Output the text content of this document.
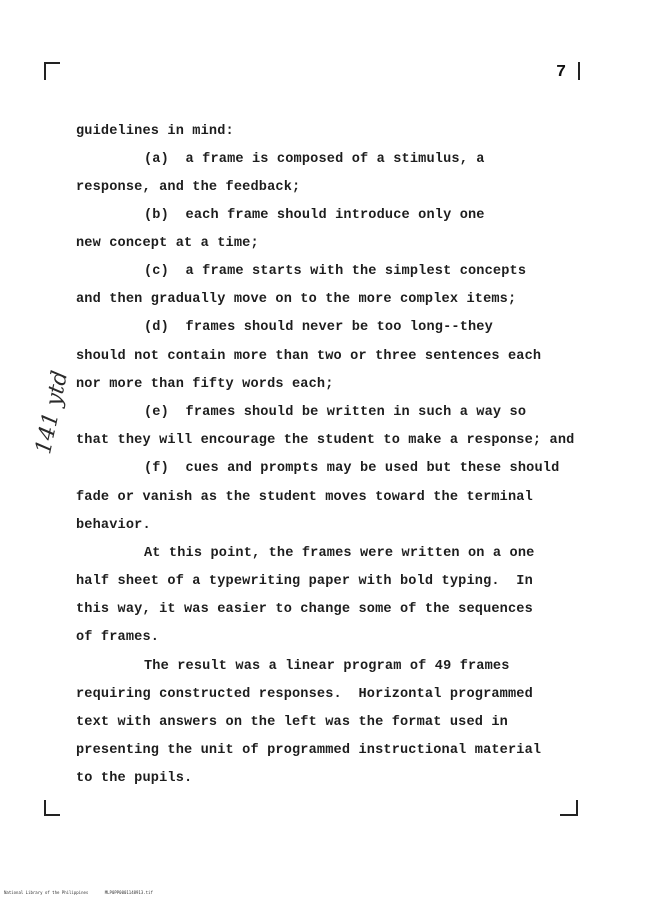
7
guidelines in mind:
(a)  a frame is composed of a stimulus, a
response, and the feedback;
(b)  each frame should introduce only one
new concept at a time;
(c)  a frame starts with the simplest concepts
and then gradually move on to the more complex items;
(d)  frames should never be too long--they
should not contain more than two or three sentences each
nor more than fifty words each;
(e)  frames should be written in such a way so
that they will encourage the student to make a response; and
(f)  cues and prompts may be used but these should
fade or vanish as the student moves toward the terminal
behavior.
At this point, the frames were written on a one
half sheet of a typewriting paper with bold typing.  In
this way, it was easier to change some of the sequences
of frames.
The result was a linear program of 49 frames
requiring constructed responses.  Horizontal programmed
text with answers on the left was the format used in
presenting the unit of programmed instructional material
to the pupils.
141 ytd
National Library of the Philippines	MLP0PP0001148913.tif
